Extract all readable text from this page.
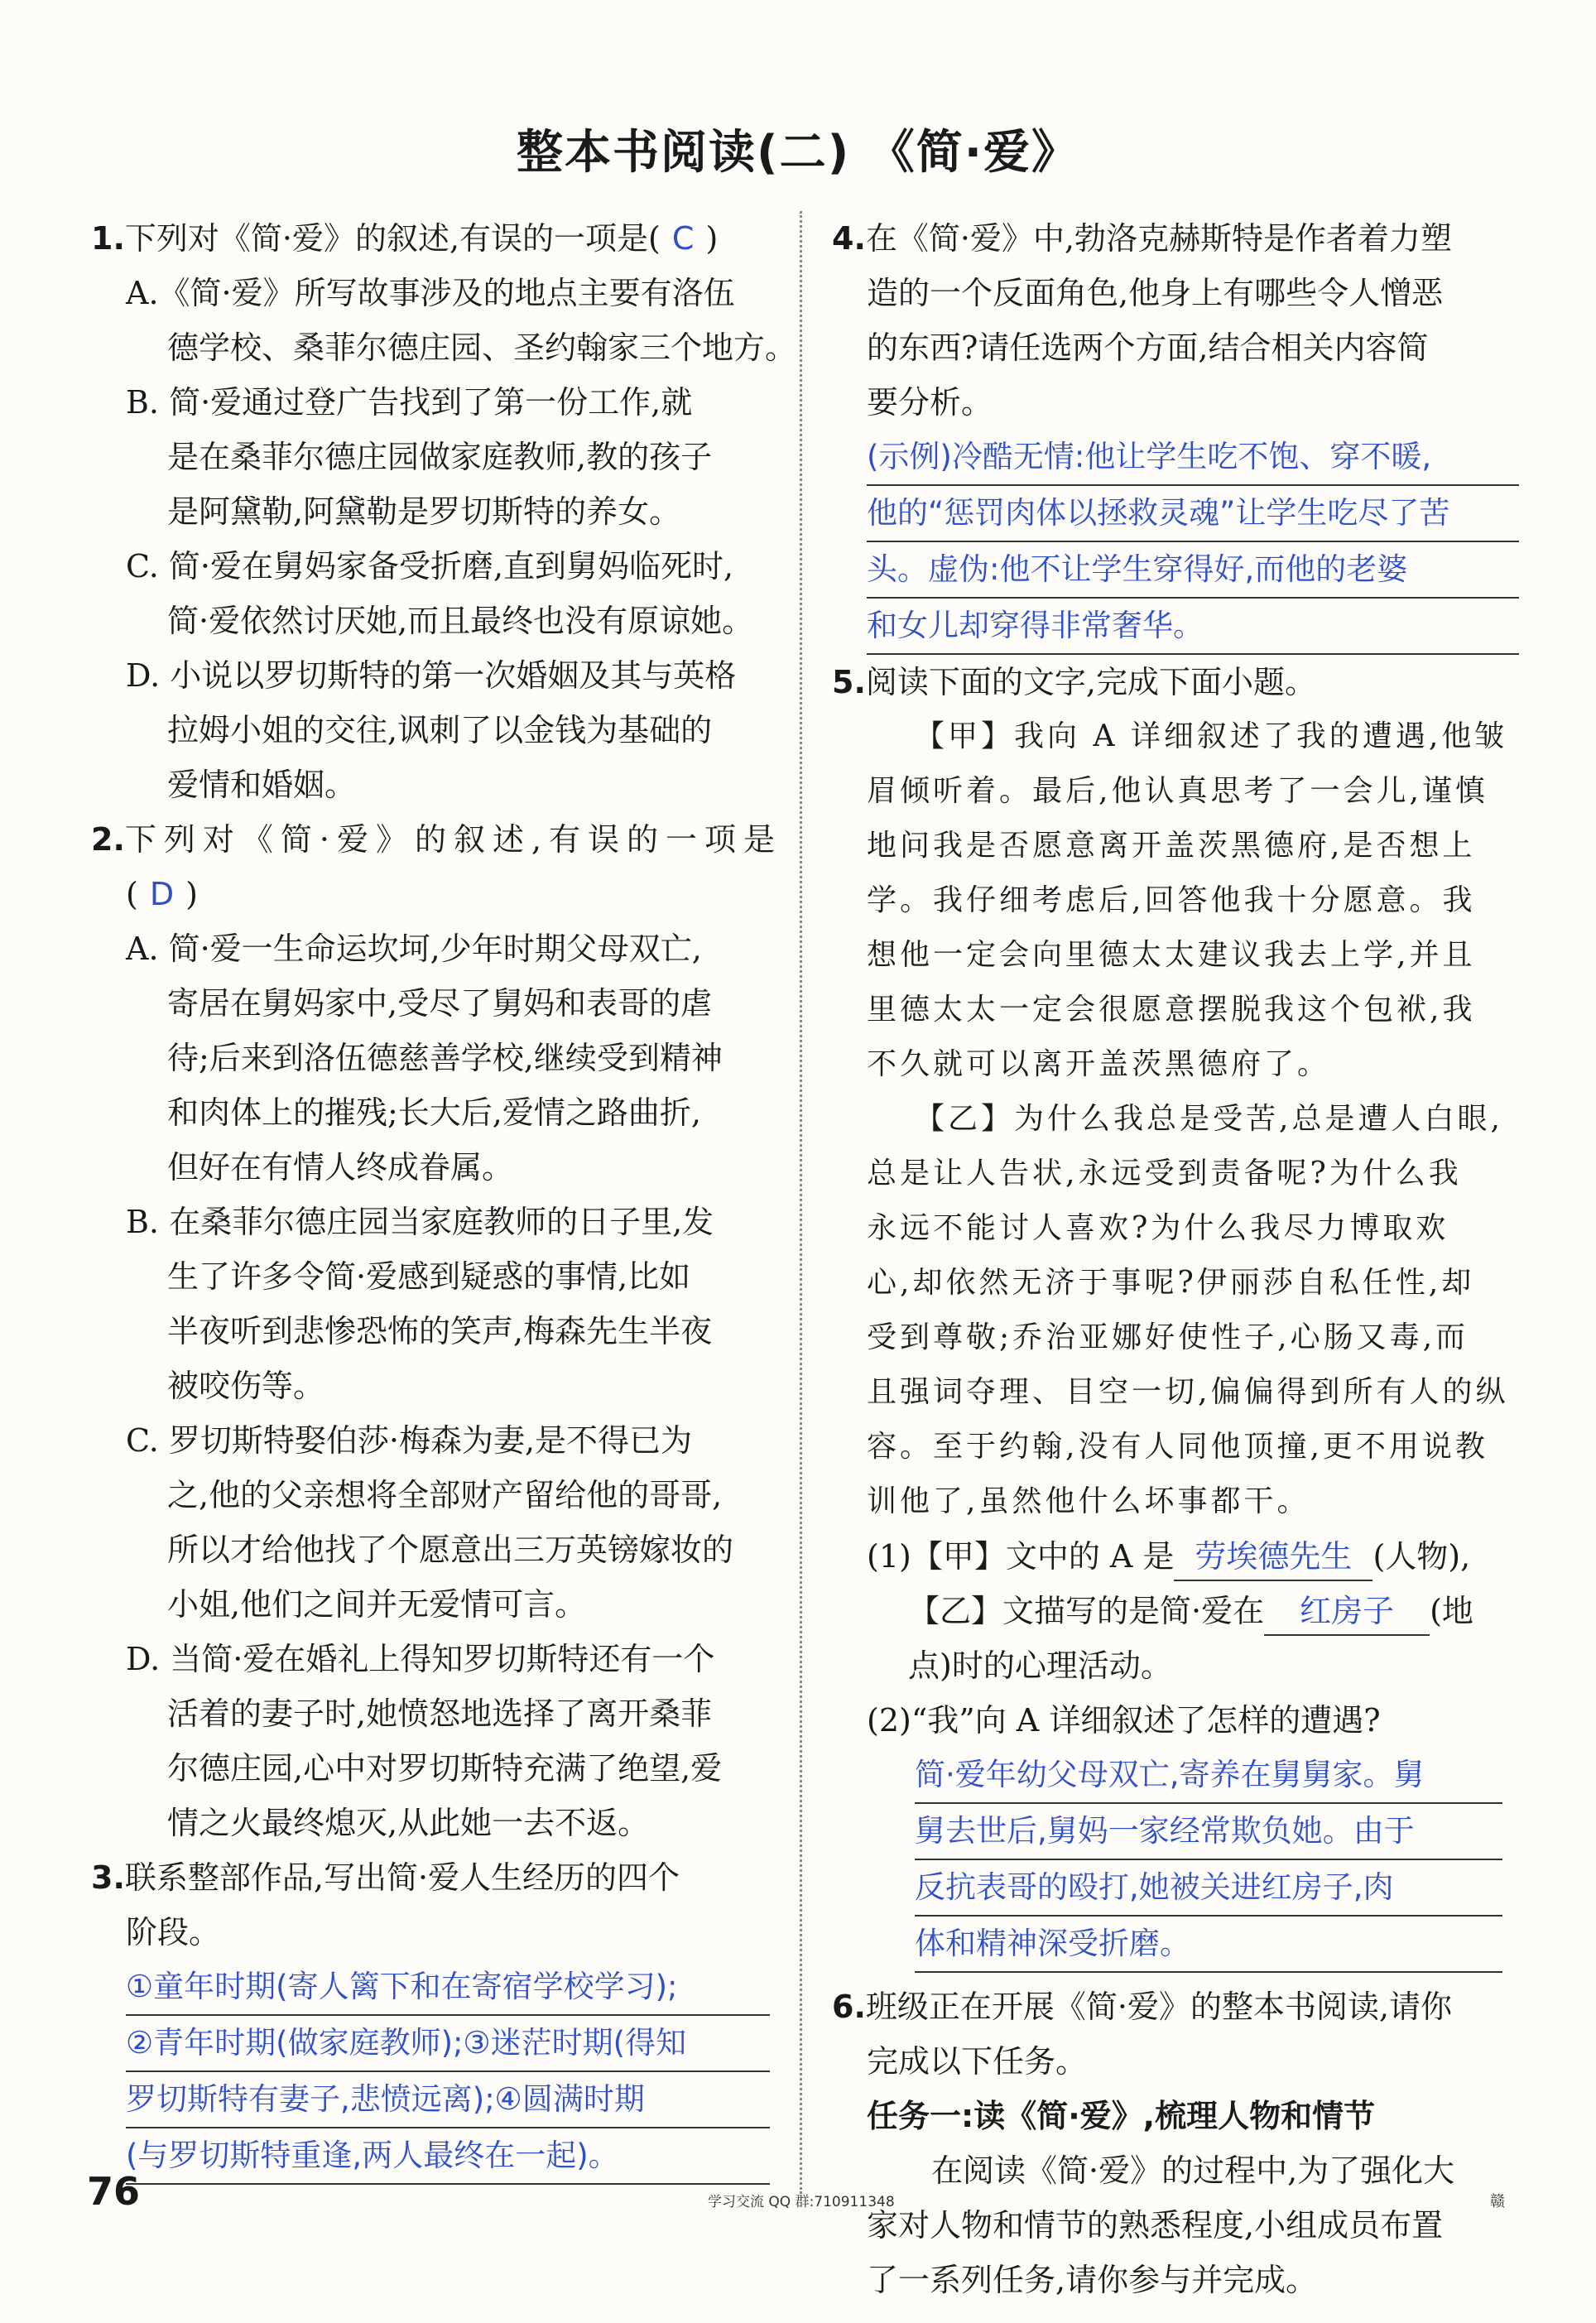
整本书阅读(二) 《简·爱》
1.下列对《简·爱》的叙述,有误的一项是( C )
A.《简·爱》所写故事涉及的地点主要有洛伍
德学校、桑菲尔德庄园、圣约翰家三个地方。
B. 简·爱通过登广告找到了第一份工作,就
是在桑菲尔德庄园做家庭教师,教的孩子
是阿黛勒,阿黛勒是罗切斯特的养女。
C. 简·爱在舅妈家备受折磨,直到舅妈临死时,
简·爱依然讨厌她,而且最终也没有原谅她。
D. 小说以罗切斯特的第一次婚姻及其与英格
拉姆小姐的交往,讽刺了以金钱为基础的
爱情和婚姻。
2.下列对《简·爱》的叙述,有误的一项是
( D )
A. 简·爱一生命运坎坷,少年时期父母双亡,
寄居在舅妈家中,受尽了舅妈和表哥的虐
待;后来到洛伍德慈善学校,继续受到精神
和肉体上的摧残;长大后,爱情之路曲折,
但好在有情人终成眷属。
B. 在桑菲尔德庄园当家庭教师的日子里,发
生了许多令简·爱感到疑惑的事情,比如
半夜听到悲惨恐怖的笑声,梅森先生半夜
被咬伤等。
C. 罗切斯特娶伯莎·梅森为妻,是不得已为
之,他的父亲想将全部财产留给他的哥哥,
所以才给他找了个愿意出三万英镑嫁妆的
小姐,他们之间并无爱情可言。
D. 当简·爱在婚礼上得知罗切斯特还有一个
活着的妻子时,她愤怒地选择了离开桑菲
尔德庄园,心中对罗切斯特充满了绝望,爱
情之火最终熄灭,从此她一去不返。
3.联系整部作品,写出简·爱人生经历的四个
阶段。
①童年时期(寄人篱下和在寄宿学校学习);
②青年时期(做家庭教师);③迷茫时期(得知
罗切斯特有妻子,悲愤远离);④圆满时期
(与罗切斯特重逢,两人最终在一起)。
4.在《简·爱》中,勃洛克赫斯特是作者着力塑
造的一个反面角色,他身上有哪些令人憎恶
的东西?请任选两个方面,结合相关内容简
要分析。
(示例)冷酷无情:他让学生吃不饱、穿不暖,
他的“惩罚肉体以拯救灵魂”让学生吃尽了苦
头。虚伪:他不让学生穿得好,而他的老婆
和女儿却穿得非常奢华。
5.阅读下面的文字,完成下面小题。
【甲】我向 A 详细叙述了我的遭遇,他皱
眉倾听着。最后,他认真思考了一会儿,谨慎
地问我是否愿意离开盖茨黑德府,是否想上
学。我仔细考虑后,回答他我十分愿意。我
想他一定会向里德太太建议我去上学,并且
里德太太一定会很愿意摆脱我这个包袱,我
不久就可以离开盖茨黑德府了。
【乙】为什么我总是受苦,总是遭人白眼,
总是让人告状,永远受到责备呢?为什么我
永远不能讨人喜欢?为什么我尽力博取欢
心,却依然无济于事呢?伊丽莎自私任性,却
受到尊敬;乔治亚娜好使性子,心肠又毒,而
且强词夺理、目空一切,偏偏得到所有人的纵
容。至于约翰,没有人同他顶撞,更不用说教
训他了,虽然他什么坏事都干。
(1)【甲】文中的 A 是 劳埃德先生 (人物),
【乙】文描写的是简·爱在 红房子 (地
点)时的心理活动。
(2)“我”向 A 详细叙述了怎样的遭遇?
简·爱年幼父母双亡,寄养在舅舅家。舅
舅去世后,舅妈一家经常欺负她。由于
反抗表哥的殴打,她被关进红房子,肉
体和精神深受折磨。
6.班级正在开展《简·爱》的整本书阅读,请你
完成以下任务。
任务一:读《简·爱》,梳理人物和情节
在阅读《简·爱》的过程中,为了强化大
家对人物和情节的熟悉程度,小组成员布置
了一系列任务,请你参与并完成。
76	学习交流 QQ 群:710911348	赣
